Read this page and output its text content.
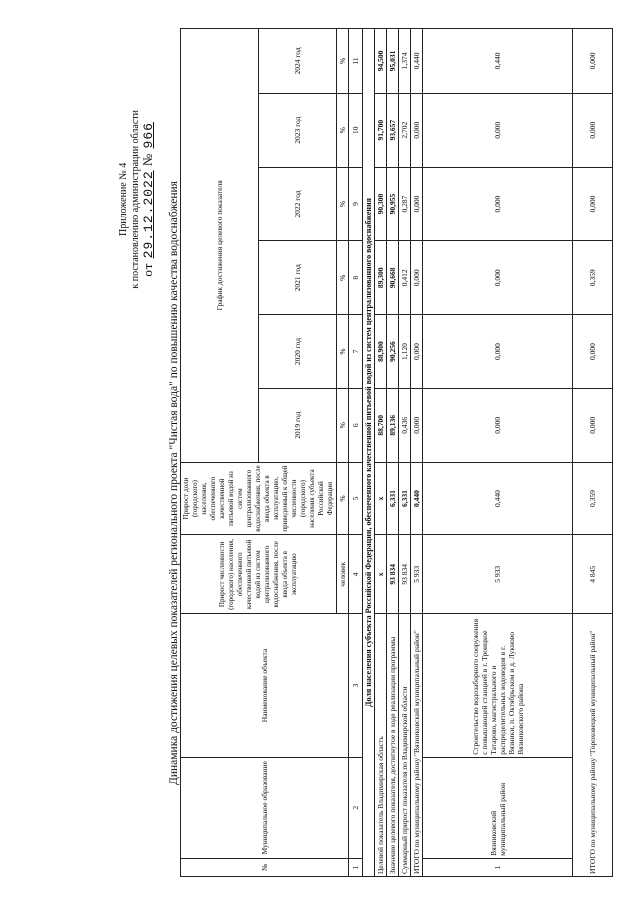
Приложение № 4 к постановлению администрации области от 29.12.2022 № 966
Динамика достижения целевых показателей регионального проекта "Чистая вода" по повышению качества водоснабжения
№	Муниципальное образование	Наименование объекта	Прирост численности (городского) населения, обеспеченного качественной питьевой водой из систем централизованного водоснабжения, после ввода объекта в эксплуатацию	Прирост доли (городского) населения, обеспеченного качественной питьевой водой из систем централизованного водоснабжения, после ввода объекта в эксплуатацию, приведенный к общей численности (городского) населения субъекта Российской Федерации	График достижения целевого показателя					
					2019 год	2020 год	2021 год	2022 год	2023 год	2024 год
			человек	%	%	%	%	%	%	%
1	2	3	4	5	6	7	8	9	10	11
Доля населения субъекта Российской Федерации, обеспеченного качественной питьевой водой из систем централизованного водоснабжения										
Целевой показатель Владимирская область			х	х	88,700	88,900	89,300	90,300	91,700	94,500
Значение целевого показателя, достигнутое в ходе реализации программы			93 834	6,331	89,136	90,256	90,668	90,955	93,657	95,031
Суммарный прирост показателя по Владимирской области			93 834	6,331	0,436	1,120	0,412	0,287	2,702	1,374
ИТОГО по муниципальному району "Вязниковский муниципальный район"			5 933	0,440	0,000	0,000	0,000	0,000	0,000	0,440
1	Вязниковский муниципальный район	Строительство водозаборного сооружения с повышающей станцией в г. Троицкое Татарово, магистрального и распределительных водоводов в г. Вязники, п. Октябрьском и д. Лукново Вязниковского района	5 933	0,440	0,000	0,000	0,000	0,000	0,000	0,440
ИТОГО по муниципальному району "Гороховецкий муниципальный район"			4 845	0,359	0,000	0,000	0,359	0,000	0,000	0,000
